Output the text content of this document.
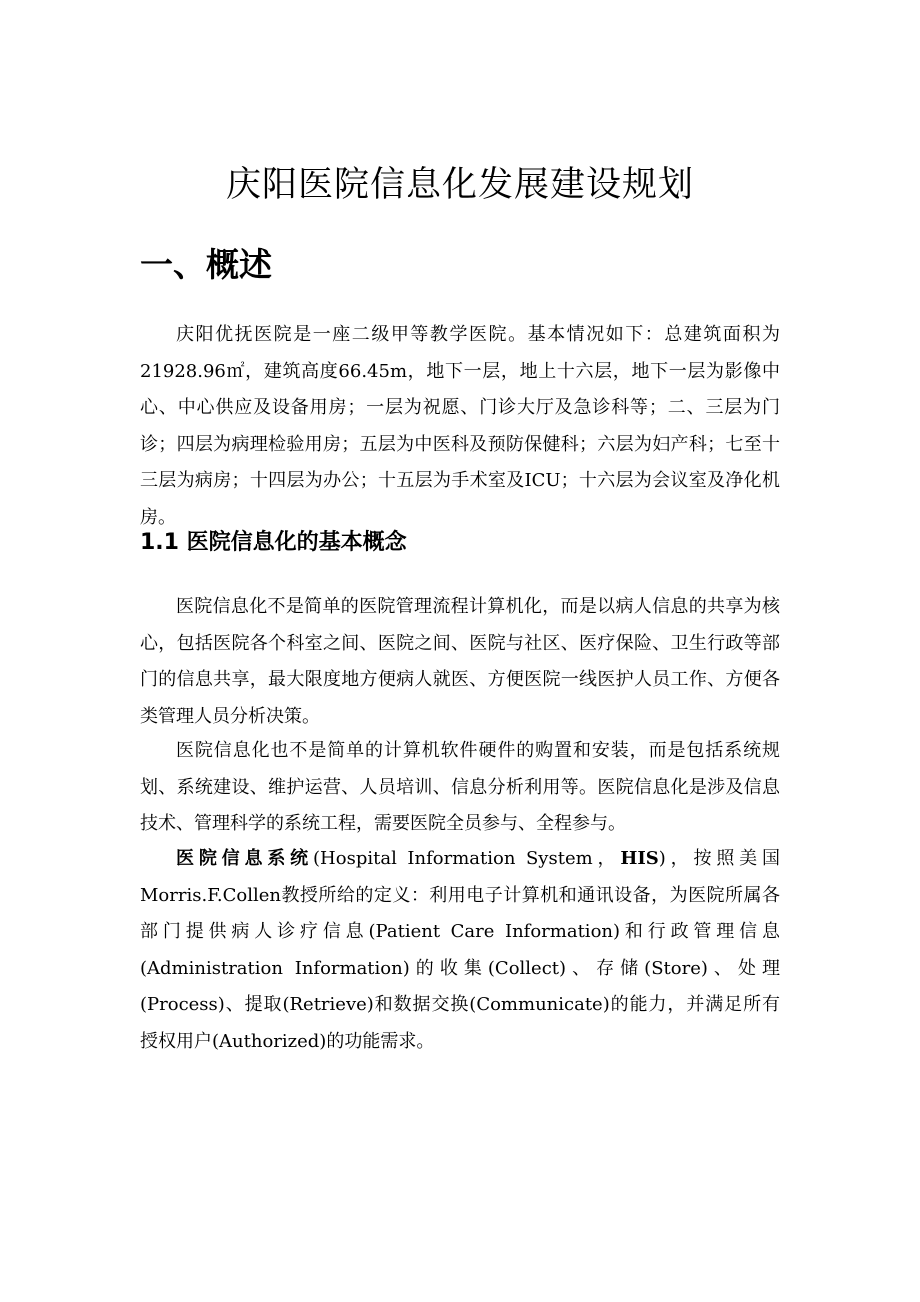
庆阳医院信息化发展建设规划
一、概述

庆阳优抚医院是一座二级甲等教学医院。基本情况如下：总建筑面积为21928.96㎡，建筑高度66.45m，地下一层，地上十六层，地下一层为影像中心、中心供应及设备用房；一层为祝愿、门诊大厅及急诊科等；二、三层为门诊；四层为病理检验用房；五层为中医科及预防保健科；六层为妇产科；七至十三层为病房；十四层为办公；十五层为手术室及ICU；十六层为会议室及净化机房。

1.1 医院信息化的基本概念

医院信息化不是简单的医院管理流程计算机化，而是以病人信息的共享为核心，包括医院各个科室之间、医院之间、医院与社区、医疗保险、卫生行政等部门的信息共享，最大限度地方便病人就医、方便医院一线医护人员工作、方便各类管理人员分析决策。

医院信息化也不是简单的计算机软件硬件的购置和安装，而是包括系统规划、系统建设、维护运营、人员培训、信息分析利用等。医院信息化是涉及信息技术、管理科学的系统工程，需要医院全员参与、全程参与。

医院信息系统(Hospital Information System，HIS)，按照美国Morris.F.Collen教授所给的定义：利用电子计算机和通讯设备，为医院所属各部门提供病人诊疗信息(Patient Care Information)和行政管理信息(Administration Information)的收集(Collect)、存储(Store)、处理(Process)、提取(Retrieve)和数据交换(Communicate)的能力，并满足所有授权用户(Authorized)的功能需求。
